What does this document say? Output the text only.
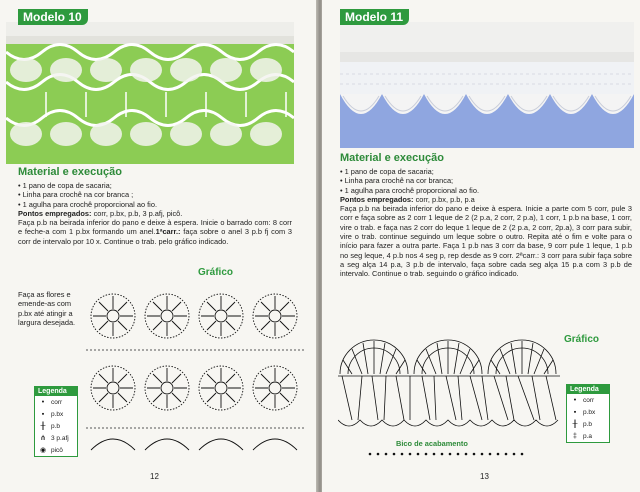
Modelo 10
Material e execução

• 1 pano de copa de sacaria;

• Linha para crochê na cor branca ;

• 1 agulha para crochê proporcional ao fio.

Pontos empregados: corr, p.bx, p.b, 3 p.afj, picô.

Faça p.b na beirada inferior do pano e deixe à espera. Inicie o barrado com: 8 corr e feche-a com 1 p.bx formando um anel.1ªcarr.: faça sobre o anel 3 p.b fj com 3 corr de intervalo por 10 x. Continue o trab. pelo gráfico indicado.

Gráfico
Faça as flores e emende-as com p.bx até atingir a largura desejada.
Legenda
•	corr
▪	p.bx
╫ p.b
⋔ 3 p.afj
◉ picô
12
Modelo 11
Material e execução

• 1 pano de copa de sacaria;

• Linha para crochê na cor branca;

• 1 agulha para crochê proporcional ao fio.

Pontos empregados: corr, p.bx, p.b, p.a

Faça p.b na beirada inferior do pano e deixe à espera. Inicie a parte com 5 corr, pule 3 corr e faça sobre as 2 corr 1 leque de 2 (2 p.a, 2 corr, 2 p.a), 1 corr, 1 p.b na base, 1 corr, vire o trab. e faça nas 2 corr do leque 1 leque de 2 (2 p.a, 2 corr, 2p.a), 3 corr para subir, vire o trab. continue seguindo um leque sobre o outro. Repita até o fim e volte para o início para fazer a outra parte. Faça 1 p.b nas 3 corr da base, 9 corr pule 1 leque, 1 p.b no seg leque, 4 p.b nos 4 seg p, rep desde as 9 corr. 2ªcarr.: 3 corr para subir faça sobre a seg alça 14 p.a, 3 p.b de intervalo, faça sobre cada seg alça 15 p.a com 3 p.b de intervalo. Continue o trab. seguindo o gráfico indicado.

Gráfico
Bico de acabamento
Legenda
•	corr
▪	p.bx
╫ p.b
‡ p.a
13
